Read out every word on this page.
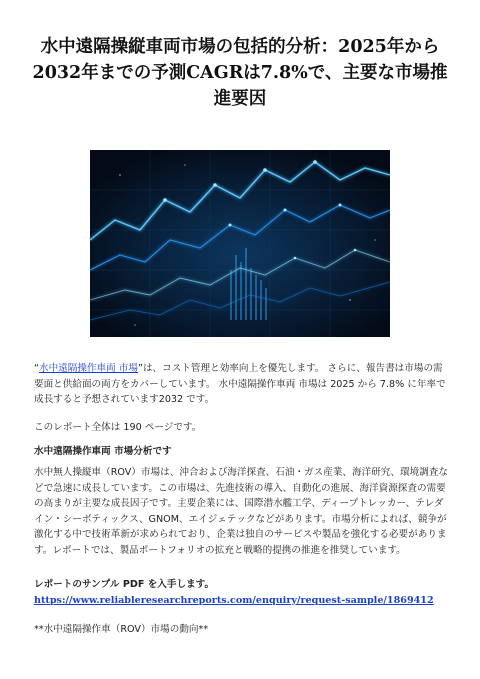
水中遠隔操縦車両市場の包括的分析：2025年から2032年までの予測CAGRは7.8%で、主要な市場推進要因

“水中遠隔操作車両 市場”は、コスト管理と効率向上を優先します。 さらに、報告書は市場の需要面と供給面の両方をカバーしています。 水中遠隔操作車両 市場は 2025 から 7.8% に年率で成長すると予想されています2032 です。

このレポート全体は 190 ページです。

水中遠隔操作車両 市場分析です

水中無人操縦車（ROV）市場は、沖合および海洋探査、石油・ガス産業、海洋研究、環境調査などで急速に成長しています。この市場は、先進技術の導入、自動化の進展、海洋資源探査の需要の高まりが主要な成長因子です。主要企業には、国際潜水艦工学、ディープトレッカー、テレダイン・シーボティックス、GNOM、エイジェテックなどがあります。市場分析によれば、競争が激化する中で技術革新が求められており、企業は独自のサービスや製品を強化する必要があります。レポートでは、製品ポートフォリオの拡充と戦略的提携の推進を推奨しています。

レポートのサンプル PDF を入手します。 https://www.reliableresearchreports.com/enquiry/request-sample/1869412

**水中遠隔操作車（ROV）市場の動向**
